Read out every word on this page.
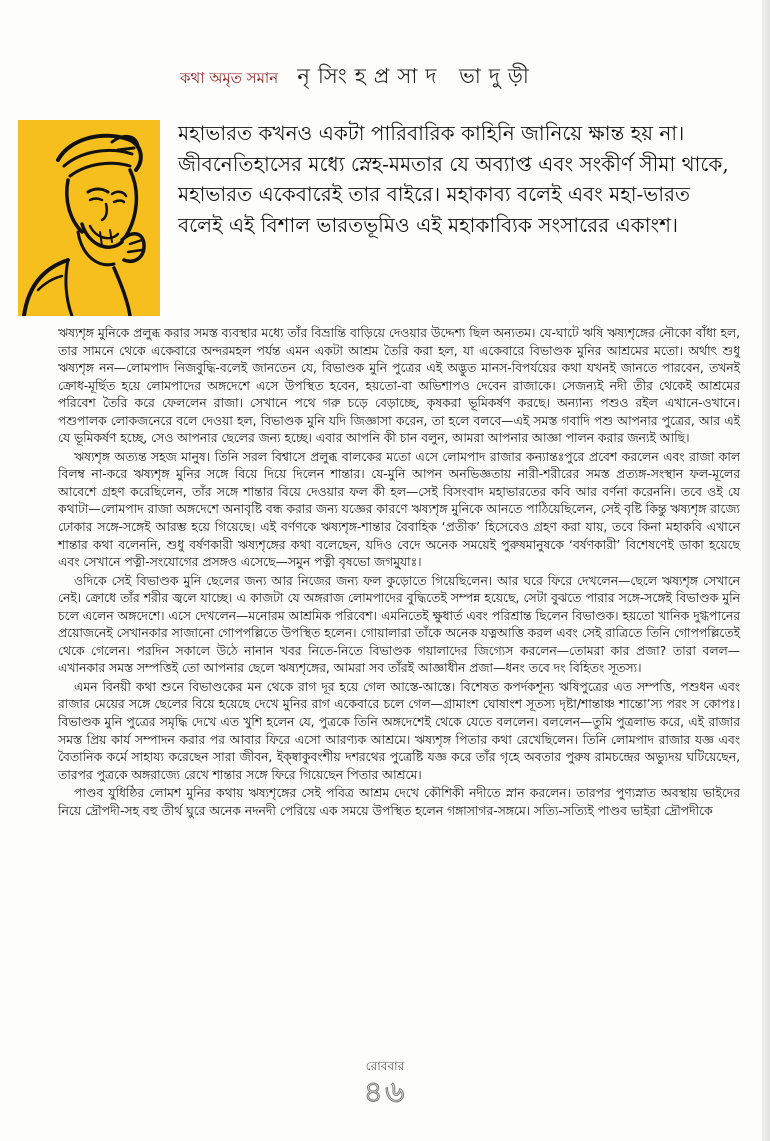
কথা অমৃত সমান নৃসিংহপ্রসাদ ভাদুড়ী
মহাভারত কখনও একটা পারিবারিক কাহিনি জানিয়ে ক্ষান্ত হয় না। জীবনেতিহাসের মধ্যে স্নেহ-মমতার যে অব্যাপ্ত এবং সংকীর্ণ সীমা থাকে, মহাভারত একেবারেই তার বাইরে। মহাকাব্য বলেই এবং মহা-ভারত বলেই এই বিশাল ভারতভূমিও এই মহাকাব্যিক সংসারের একাংশ।

ঋষ্যশৃঙ্গ মুনিকে প্রলুব্ধ করার সমস্ত ব্যবস্থার মধ্যে তাঁর বিভ্রান্তি বাড়িয়ে দেওয়ার উদ্দেশ্য ছিল অন্যতম। যে-ঘাটে ঋষি ঋষ্যশৃঙ্গের নৌকো বাঁধা হল, তার সামনে থেকে একেবারে অন্দরমহল পর্যন্ত এমন একটা আশ্রম তৈরি করা হল, যা একেবারে বিভাণ্ডক মুনির আশ্রমের মতো। অর্থাৎ শুধু ঋষ্যশৃঙ্গ নন—লোমপাদ নিজবুদ্ধি-বলেই জানতেন যে, বিভাণ্ডক মুনি পুত্রের এই অদ্ভুত মানস-বিপর্যয়ের কথা যখনই জানতে পারবেন, তখনই ক্রোধ-মূর্ছিত হয়ে লোমপাদের অঙ্গদেশে এসে উপস্থিত হবেন, হয়তো-বা অভিশাপও দেবেন রাজাকে। সেজন্যই নদী তীর থেকেই আশ্রমের পরিবেশ তৈরি করে ফেললেন রাজা। সেখানে পথে গরু চড়ে বেড়াচ্ছে, কৃষকরা ভূমিকর্ষণ করছে। অন্যান্য পশুও রইল এখানে-ওখানে। পশুপালক লোকজনেরে বলে দেওয়া হল, বিভাণ্ডক মুনি যদি জিজ্ঞাসা করেন, তা হলে বলবে—এই সমস্ত গবাদি পশু আপনার পুত্রের, আর এই যে ভূমিকর্ষণ হচ্ছে, সেও আপনার ছেলের জন্য হচ্ছে। এবার আপনি কী চান বলুন, আমরা আপনার আজ্ঞা পালন করার জন্যই আছি।

ঋষ্যশৃঙ্গ অত্যন্ত সহজ মানুষ। তিনি সরল বিশ্বাসে প্রলুব্ধ বালকের মতো এসে লোমপাদ রাজার কন্যান্তঃপুরে প্রবেশ করলেন এবং রাজা কাল বিলম্ব না-করে ঋষ্যশৃঙ্গ মুনির সঙ্গে বিয়ে দিয়ে দিলেন শান্তার। যে-মুনি আপন অনভিজ্ঞতায় নারী-শরীরের সমস্ত প্রত্যঙ্গ-সংস্থান ফল-মূলের আবেশে গ্রহণ করেছিলেন, তাঁর সঙ্গে শান্তার বিয়ে দেওয়ার ফল কী হল—সেই বিসংবাদ মহাভারতের কবি আর বর্ণনা করেননি। তবে ওই যে কথাটা—লোমপাদ রাজা অঙ্গদেশে অনাবৃষ্টি বন্ধ করার জন্য যজ্ঞের কারণে ঋষ্যশৃঙ্গ মুনিকে আনতে পাঠিয়েছিলেন, সেই বৃষ্টি কিন্তু ঋষ্যশৃঙ্গ রাজ্যে ঢোকার সঙ্গে-সঙ্গেই আরম্ভ হয়ে গিয়েছে। এই বর্ণণকে ঋষ্যশৃঙ্গ-শান্তার বৈবাহিক ‘প্রতীক’ হিসেবেও গ্রহণ করা যায়, তবে কিনা মহাকবি এখানে শান্তার কথা বলেননি, শুধু বর্ষণকারী ঋষ্যশৃঙ্গের কথা বলেছেন, যদিও বেদে অনেক সময়েই পুরুষমানুষকে ‘বর্ষণকারী’ বিশেষণেই ডাকা হয়েছে এবং সেখানে পত্নী-সংযোগের প্রসঙ্গও এসেছে—সমুন পত্নী বৃষভো জগমু্যাঃ।

ওদিকে সেই বিভাণ্ডক মুনি ছেলের জন্য আর নিজের জন্য ফল কুড়োতে গিয়েছিলেন। আর ঘরে ফিরে দেখলেন—ছেলে ঋষ্যশৃঙ্গ সেখানে নেই। ক্রোধে তাঁর শরীর জ্বলে যাচ্ছে। এ কাজটা যে অঙ্গরাজ লোমপাদের বুদ্ধিতেই সম্পন্ন হয়েছে, সেটা বুঝতে পারার সঙ্গে-সঙ্গেই বিভাণ্ডক মুনি চলে এলেন অঙ্গদেশে। এসে দেখলেন—মনোরম আশ্রমিক পরিবেশ। এমনিতেই ক্ষুধার্ত এবং পরিশ্রান্ত ছিলেন বিভাণ্ডক। হয়তো খানিক দুগ্ধপানের প্রয়োজনেই সেখানকার সাজানো গোপপল্লিতে উপস্থিত হলেন। গোয়ালারা তাঁকে অনেক যত্নআত্তি করল এবং সেই রাত্রিতে তিনি গোপপল্লিতেই থেকে গেলেন। পরদিন সকালে উঠে নানান খবর নিতে-নিতে বিভাণ্ডক গয়ালাদের জিগ্যেস করলেন—তোমরা কার প্রজা? তারা বলল—এখানকার সমস্ত সম্পত্তিই তো আপনার ছেলে ঋষ্যশৃঙ্গের, আমরা সব তাঁরই আজ্ঞাধীন প্রজা—ধনং তবে দং বিহিতং সূতস্য।

এমন বিনয়ী কথা শুনে বিভাণ্ডকের মন থেকে রাগ দূর হয়ে গেল আস্তে-আস্তে। বিশেষত কপর্দকশূন্য ঋষিপুত্রের এত সম্পত্তি, পশুধন এবং রাজার মেয়ের সঙ্গে ছেলের বিয়ে হয়েছে দেখে মুনির রাগ একেবারে চলে গেল—গ্রামাংশ ঘোষাংশ সূতস্য দৃষ্টা/শান্তাঞ্চ শান্তো’স্য পরং স কোপঃ। বিভাণ্ডক মুনি পুত্রের সমৃদ্ধি দেখে এত খুশি হলেন যে, পুত্রকে তিনি অঙ্গদেশেই থেকে যেতে বললেন। বললেন—তুমি পুত্রলাভ করে, এই রাজার সমস্ত প্রিয় কার্য সম্পাদন করার পর আবার ফিরে এসো আরণ্যক আশ্রমে। ঋষ্যশৃঙ্গ পিতার কথা রেখেছিলেন। তিনি লোমপাদ রাজার যজ্ঞ এবং বৈতানিক কর্মে সাহায্য করেছেন সারা জীবন, ইক্ষ্বাকুবংশীয় দশরথের পুত্রেষ্টি যজ্ঞ করে তাঁর গৃহে অবতার পুরুষ রামচন্দ্রের অভ্যুদয় ঘটিয়েছেন, তারপর পুত্রকে অঙ্গরাজ্যে রেখে শান্তার সঙ্গে ফিরে গিয়েছেন পিতার আশ্রমে।

পাণ্ডব যুধিষ্ঠির লোমশ মুনির কথায় ঋষ্যশৃঙ্গের সেই পবিত্র আশ্রম দেখে কৌশিকী নদীতে স্নান করলেন। তারপর পুণ্যস্নাত অবস্থায় ভাইদের নিয়ে দ্রৌপদী-সহ বহু তীর্থ ঘুরে অনেক নদনদী পেরিয়ে এক সময়ে উপস্থিত হলেন গঙ্গাসাগর-সঙ্গমে। সত্যি-সত্যিই পাণ্ডব ভাইরা দ্রৌপদীকে

রোববার
৪৬
